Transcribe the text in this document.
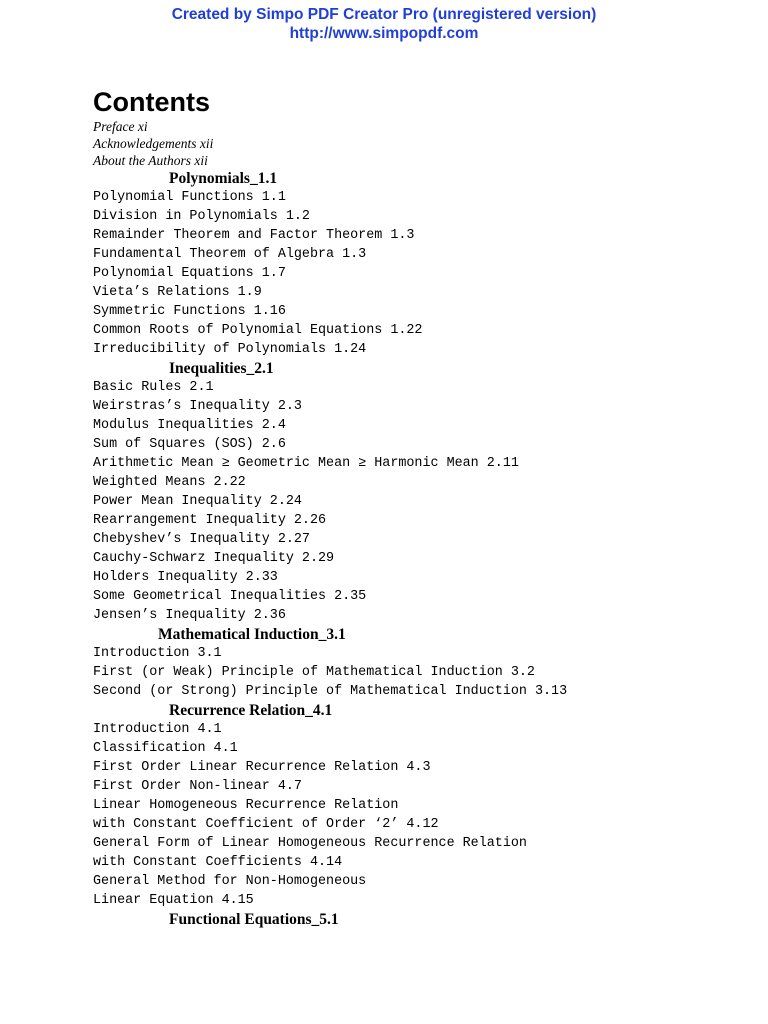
Created by Simpo PDF Creator Pro (unregistered version)
http://www.simpopdf.com
Contents
Preface xi
Acknowledgements xii
About the Authors xii
Polynomials_1.1
Polynomial Functions 1.1
Division in Polynomials 1.2
Remainder Theorem and Factor Theorem 1.3
Fundamental Theorem of Algebra 1.3
Polynomial Equations 1.7
Vieta’s Relations 1.9
Symmetric Functions 1.16
Common Roots of Polynomial Equations 1.22
Irreducibility of Polynomials 1.24
Inequalities_2.1
Basic Rules 2.1
Weirstras’s Inequality 2.3
Modulus Inequalities 2.4
Sum of Squares (SOS) 2.6
Arithmetic Mean ≥ Geometric Mean ≥ Harmonic Mean 2.11
Weighted Means 2.22
Power Mean Inequality 2.24
Rearrangement Inequality 2.26
Chebyshev’s Inequality 2.27
Cauchy-Schwarz Inequality 2.29
Holders Inequality 2.33
Some Geometrical Inequalities 2.35
Jensen’s Inequality 2.36
Mathematical Induction_3.1
Introduction 3.1
First (or Weak) Principle of Mathematical Induction 3.2
Second (or Strong) Principle of Mathematical Induction 3.13
Recurrence Relation_4.1
Introduction 4.1
Classification 4.1
First Order Linear Recurrence Relation 4.3
First Order Non-linear 4.7
Linear Homogeneous Recurrence Relation
with Constant Coefficient of Order ‘2’ 4.12
General Form of Linear Homogeneous Recurrence Relation
with Constant Coefficients 4.14
General Method for Non-Homogeneous
Linear Equation 4.15
Functional Equations_5.1
